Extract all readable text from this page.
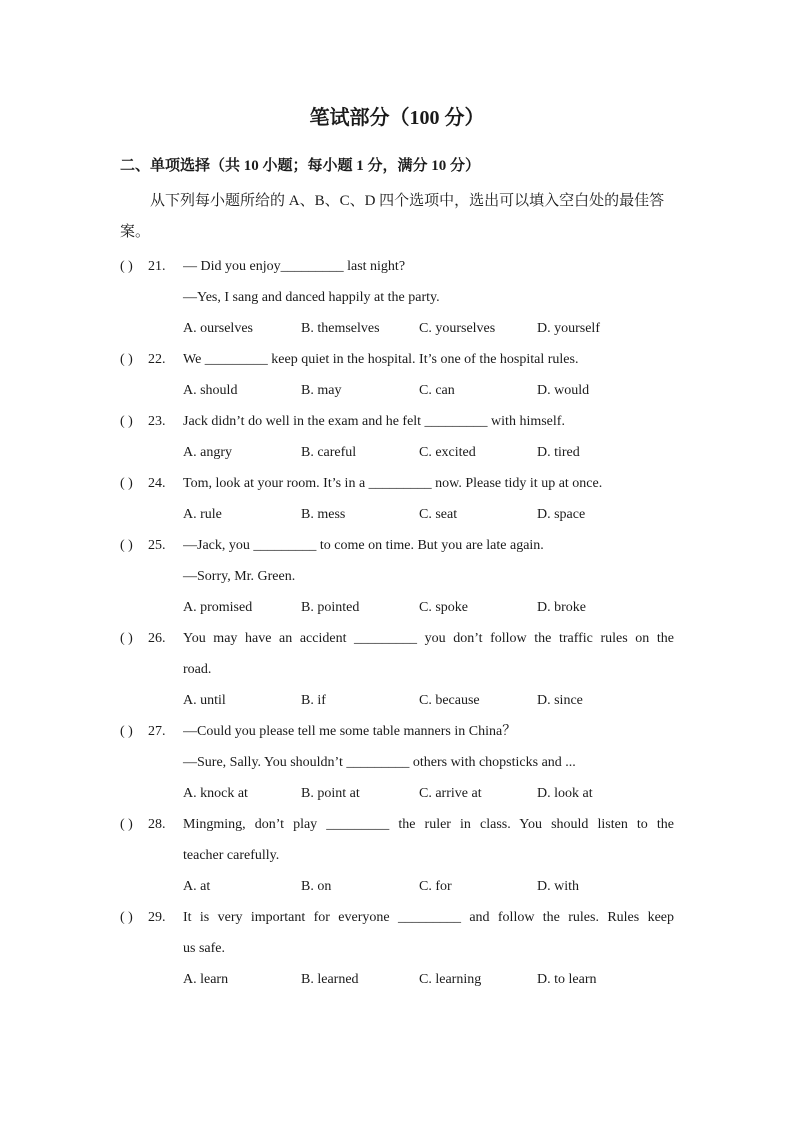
笔试部分（100 分）
二、单项选择（共 10 小题；每小题 1 分，满分 10 分）

从下列每小题所给的 A、B、C、D 四个选项中，选出可以填入空白处的最佳答案。

( )	21.	— Did you enjoy_________ last night?
—Yes, I sang and danced happily at the party.
A. ourselves	B. themselves	C. yourselves	D. yourself
( )	22.	We _________ keep quiet in the hospital. It’s one of the hospital rules.
A. should	B. may	C. can	D. would
( )	23.	Jack didn’t do well in the exam and he felt _________ with himself.
A. angry	B. careful	C. excited	D. tired
( )	24.	Tom, look at your room. It’s in a _________ now. Please tidy it up at once.
A. rule	B. mess	C. seat	D. space
( )	25.	—Jack, you _________ to come on time. But you are late again.
—Sorry, Mr. Green.
A. promised	B. pointed	C. spoke	D. broke
( )	26.	You may have an accident _________ you don’t follow the traffic rules on the
road.
A. until	B. if	C. because	D. since
( )	27.	—Could you please tell me some table manners in China？
—Sure, Sally. You shouldn’t _________ others with chopsticks and ...
A. knock at	B. point at	C. arrive at	D. look at
( )	28.	Mingming, don’t play _________ the ruler in class. You should listen to the
teacher carefully.
A. at	B. on	C. for	D. with
( )	29.	It is very important for everyone _________ and follow the rules. Rules keep
us safe.
A. learn	B. learned	C. learning	D. to learn
